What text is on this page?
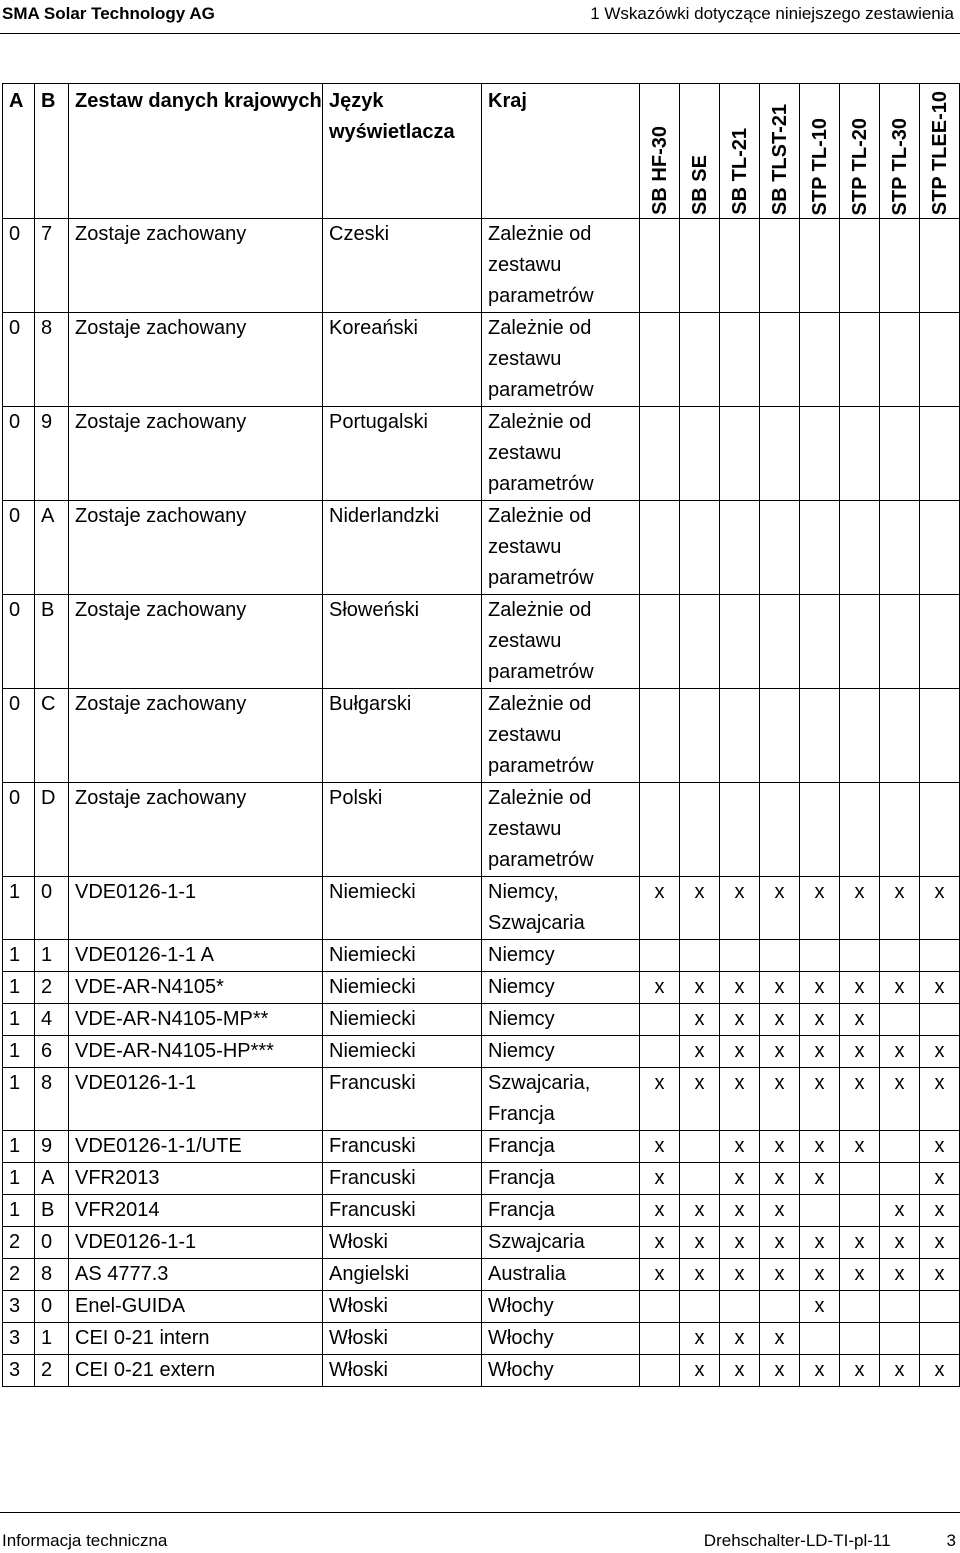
SMA Solar Technology AG	1 Wskazówki dotyczące niniejszego zestawienia
A	B	Zestaw danych krajowych	Język wyświetlacza	Kraj	SB HF-30	SB SE	SB TL-21	SB TLST-21	STP TL-10	STP TL-20	STP TL-30	STP TLEE-10

0	7	Zostaje zachowany	Czeski	Zależnie od
zestawu
parametrów								

0	8	Zostaje zachowany	Koreański	Zależnie od
zestawu
parametrów								

0	9	Zostaje zachowany	Portugalski	Zależnie od
zestawu
parametrów								

0	A	Zostaje zachowany	Niderlandzki	Zależnie od
zestawu
parametrów								

0	B	Zostaje zachowany	Słoweński	Zależnie od
zestawu
parametrów								

0	C	Zostaje zachowany	Bułgarski	Zależnie od
zestawu
parametrów								

0	D	Zostaje zachowany	Polski	Zależnie od
zestawu
parametrów								

1	0	VDE0126-1-1	Niemiecki	Niemcy,
Szwajcaria	x	x	x	x	x	x	x	x
1	1	VDE0126-1-1 A	Niemiecki	Niemcy								

1	2	VDE-AR-N4105*	Niemiecki	Niemcy	x	x	x	x	x	x	x	x
1	4	VDE-AR-N4105-MP**	Niemiecki	Niemcy		x	x	x	x	x		
1	6	VDE-AR-N4105-HP***	Niemiecki	Niemcy		x	x	x	x	x	x	x
1	8	VDE0126-1-1	Francuski	Szwajcaria,
Francja	x	x	x	x	x	x	x	x
1	9	VDE0126-1-1/UTE	Francuski	Francja	x		x	x	x	x		x
1	A	VFR2013	Francuski	Francja	x		x	x	x			x
1	B	VFR2014	Francuski	Francja	x	x	x	x			x	x
2	0	VDE0126-1-1	Włoski	Szwajcaria	x	x	x	x	x	x	x	x
2	8	AS 4777.3	Angielski	Australia	x	x	x	x	x	x	x	x
3	0	Enel-GUIDA	Włoski	Włochy					x			
3	1	CEI 0-21 intern	Włoski	Włochy		x	x	x				
3	2	CEI 0-21 extern	Włoski	Włochy		x	x	x	x	x	x	x
Informacja techniczna	Drehschalter-LD-TI-pl-11	3
